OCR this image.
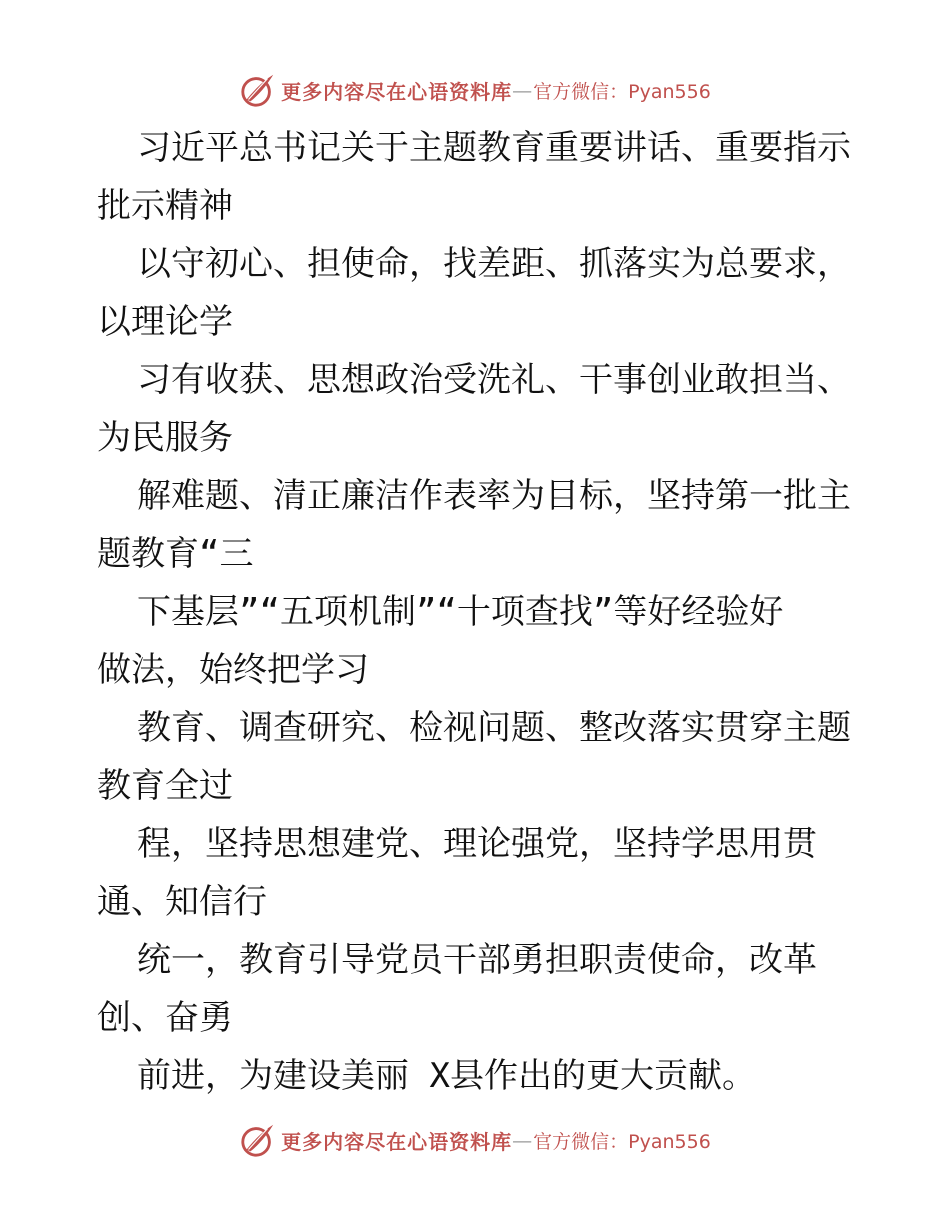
更多内容尽在心语资料库 — 官方微信：Pyan556
习近平总书记关于主题教育重要讲话、重要指示
批示精神
以守初心、担使命，找差距、抓落实为总要求，
以理论学
习有收获、思想政治受洗礼、干事创业敢担当、
为民服务
解难题、清正廉洁作表率为目标，坚持第一批主
题教育“三
下基层”“五项机制”“十项查找”等好经验好
做法，始终把学习
教育、调查研究、检视问题、整改落实贯穿主题
教育全过
程，坚持思想建党、理论强党，坚持学思用贯
通、知信行
统一，教育引导党员干部勇担职责使命，改革
创、奋勇
前进，为建设美丽 X县作出的更大贡献。
更多内容尽在心语资料库 — 官方微信：Pyan556
